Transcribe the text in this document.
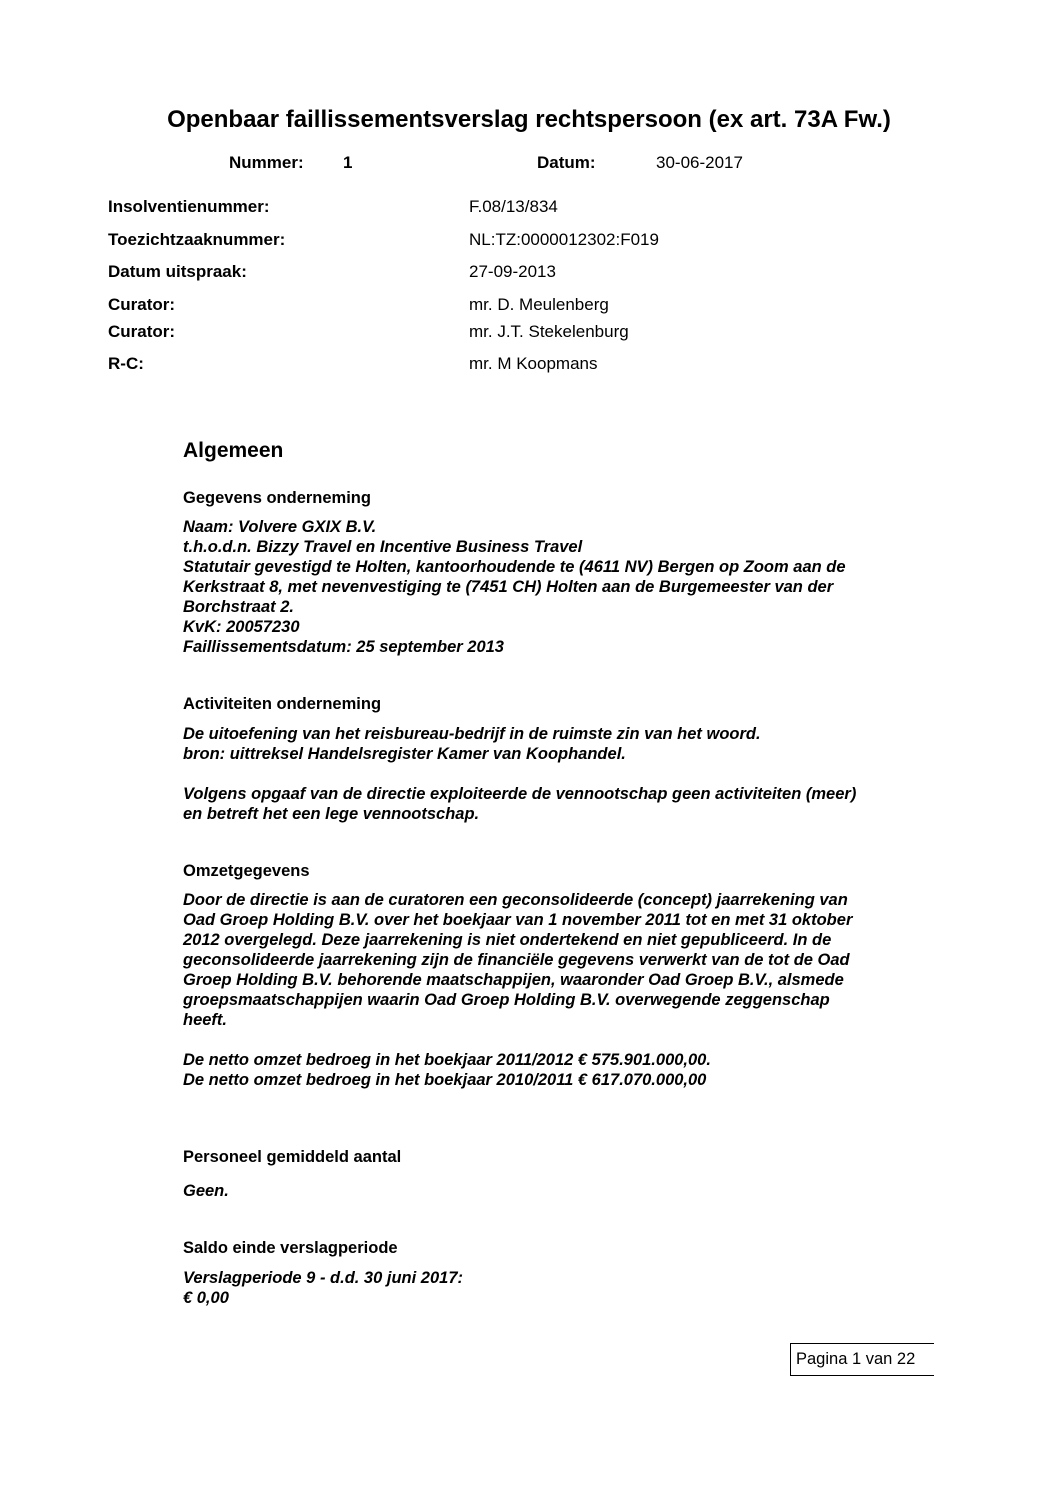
Openbaar faillissementsverslag rechtspersoon (ex art. 73A Fw.)
Nummer: 1	Datum:	30-06-2017
Insolventienummer:	F.08/13/834
Toezichtzaaknummer:	NL:TZ:0000012302:F019
Datum uitspraak:	27-09-2013
Curator:	mr. D. Meulenberg
Curator:	mr. J.T. Stekelenburg
R-C:	mr. M Koopmans
Algemeen
Gegevens onderneming
Naam: Volvere GXIX B.V.
t.h.o.d.n. Bizzy Travel en Incentive Business Travel
Statutair gevestigd te Holten, kantoorhoudende te (4611 NV) Bergen op Zoom aan de
Kerkstraat 8, met nevenvestiging te (7451 CH) Holten aan de Burgemeester van der
Borchstraat 2.
KvK: 20057230
Faillissementsdatum: 25 september 2013
Activiteiten onderneming
De uitoefening van het reisbureau-bedrijf in de ruimste zin van het woord.
bron: uittreksel Handelsregister Kamer van Koophandel.
Volgens opgaaf van de directie exploiteerde de vennootschap geen activiteiten (meer)
en betreft het een lege vennootschap.
Omzetgegevens
Door de directie is aan de curatoren een geconsolideerde (concept) jaarrekening van
Oad Groep Holding B.V. over het boekjaar van 1 november 2011 tot en met 31 oktober
2012 overgelegd. Deze jaarrekening is niet ondertekend en niet gepubliceerd. In de
geconsolideerde jaarrekening zijn de financiële gegevens verwerkt van de tot de Oad
Groep Holding B.V. behorende maatschappijen, waaronder Oad Groep B.V., alsmede
groepsmaatschappijen waarin Oad Groep Holding B.V. overwegende zeggenschap
heeft.
De netto omzet bedroeg in het boekjaar 2011/2012 € 575.901.000,00.
De netto omzet bedroeg in het boekjaar 2010/2011 € 617.070.000,00
Personeel gemiddeld aantal
Geen.
Saldo einde verslagperiode
Verslagperiode 9 - d.d. 30 juni 2017:
€ 0,00
Pagina 1 van 22
